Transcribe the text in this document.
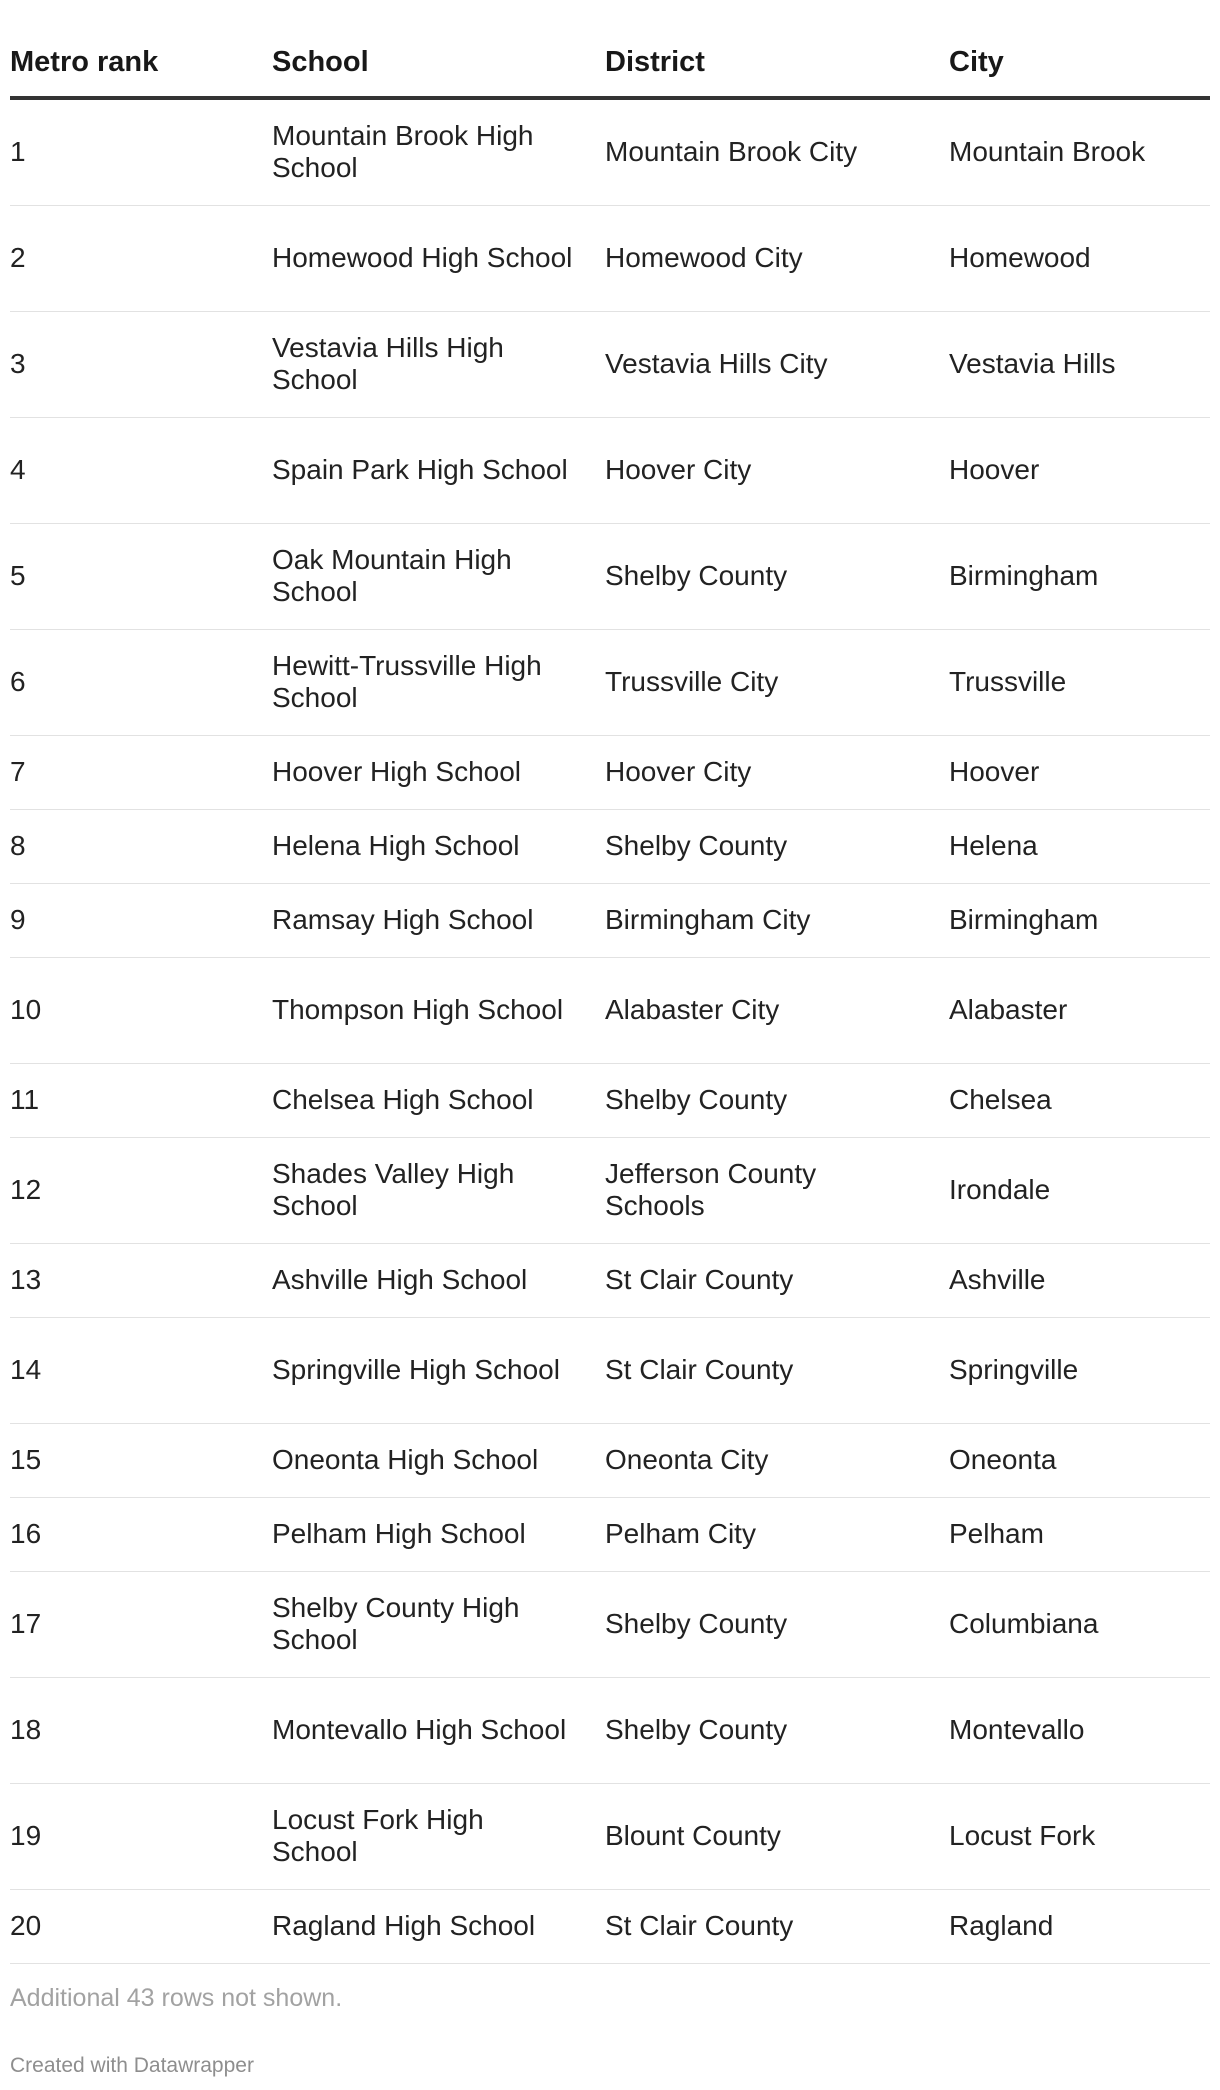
Metro rank	School	District	City

1	Mountain Brook High School	Mountain Brook City	Mountain Brook

2	Homewood High School	Homewood City	Homewood

3	Vestavia Hills High School	Vestavia Hills City	Vestavia Hills

4	Spain Park High School	Hoover City	Hoover

5	Oak Mountain High School	Shelby County	Birmingham

6	Hewitt-Trussville High School	Trussville City	Trussville

7	Hoover High School	Hoover City	Hoover

8	Helena High School	Shelby County	Helena

9	Ramsay High School	Birmingham City	Birmingham

10	Thompson High School	Alabaster City	Alabaster

11	Chelsea High School	Shelby County	Chelsea

12	Shades Valley High School	Jefferson County Schools	Irondale

13	Ashville High School	St Clair County	Ashville

14	Springville High School	St Clair County	Springville

15	Oneonta High School	Oneonta City	Oneonta

16	Pelham High School	Pelham City	Pelham

17	Shelby County High School	Shelby County	Columbiana

18	Montevallo High School	Shelby County	Montevallo

19	Locust Fork High School	Blount County	Locust Fork

20	Ragland High School	St Clair County	Ragland
Additional 43 rows not shown.
Created with Datawrapper
